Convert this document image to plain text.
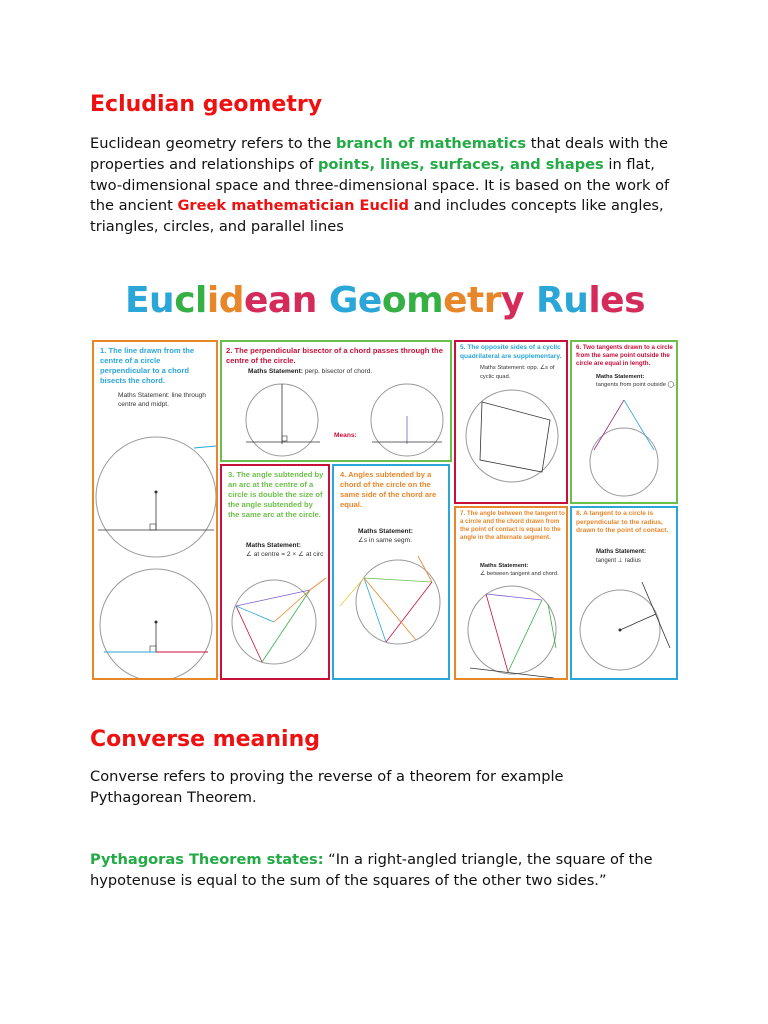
Ecludian geometry

Euclidean geometry refers to the branch of mathematics that deals with the properties and relationships of points, lines, surfaces, and shapes in flat, two-dimensional space and three-dimensional space. It is based on the work of the ancient Greek mathematician Euclid and includes concepts like angles, triangles, circles, and parallel lines

Euclidean Geometry Rules
1. The line drawn from the centre of a circle perpendicular to a chord bisects the chord.
Maths Statement: line through centre and midpt.
2. The perpendicular bisector of a chord passes through the centre of the circle.
Maths Statement: perp. bisector of chord.
Means:
3. The angle subtended by an arc at the centre of a circle is double the size of the angle subtended by the same arc at the circle.
Maths Statement:
∠ at centre = 2 × ∠ at circ
4. Angles subtended by a chord of the circle on the same side of the chord are equal.
Maths Statement:
∠s in same segm.
5. The opposite sides of a cyclic quadrilateral are supplementary.
Maths Statement: opp. ∠s of cyclic quad.
6. Two tangents drawn to a circle from the same point outside the circle are equal in length.
Maths Statement:
tangents from point outside ◯.
7. The angle between the tangent to a circle and the chord drawn from the point of contact is equal to the angle in the alternate segment.
Maths Statement:
∠ between tangent and chord.
8. A tangent to a circle is perpendicular to the radius, drawn to the point of contact.
Maths Statement:
tangent ⊥ radius
Converse meaning

Converse refers to proving the reverse of a theorem for example Pythagorean Theorem.

Pythagoras Theorem states: “In a right-angled triangle, the square of the hypotenuse is equal to the sum of the squares of the other two sides.”
